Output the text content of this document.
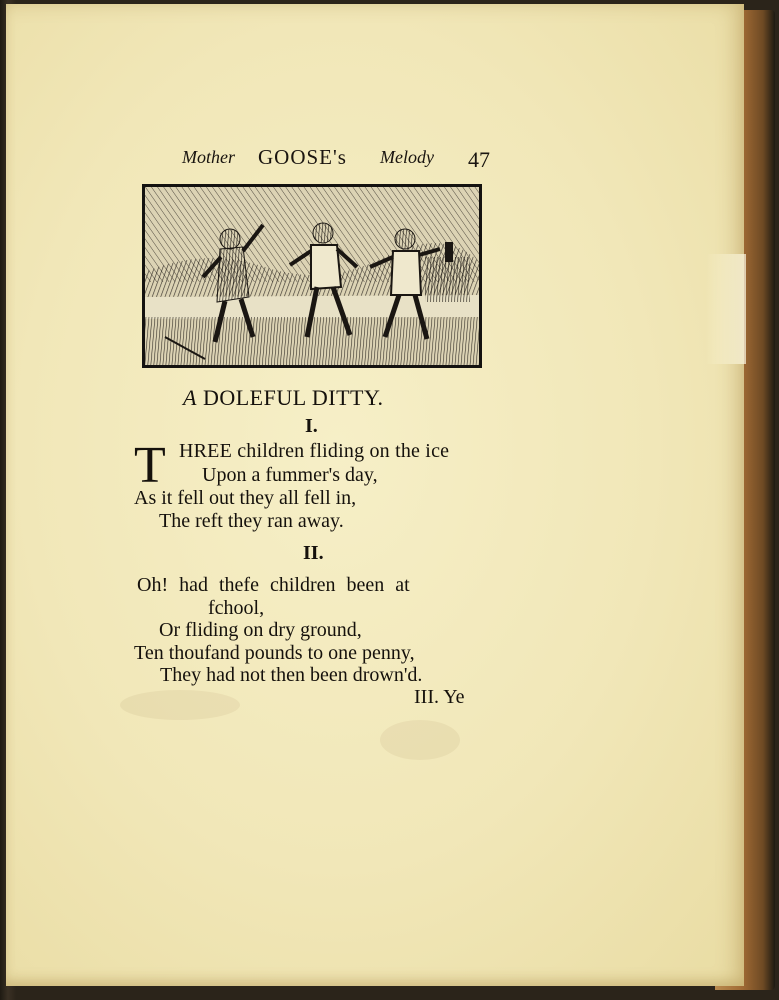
Mother GOOSE's Melody 47
A DOLEFUL DITTY.
I.
T HREE children fliding on the ice
Upon a fummer's day,
As it fell out they all fell in,
The reft they ran away.
II.
Oh! had thefe children been at
fchool,
Or fliding on dry ground,
Ten thoufand pounds to one penny,
They had not then been drown'd.
III. Ye
